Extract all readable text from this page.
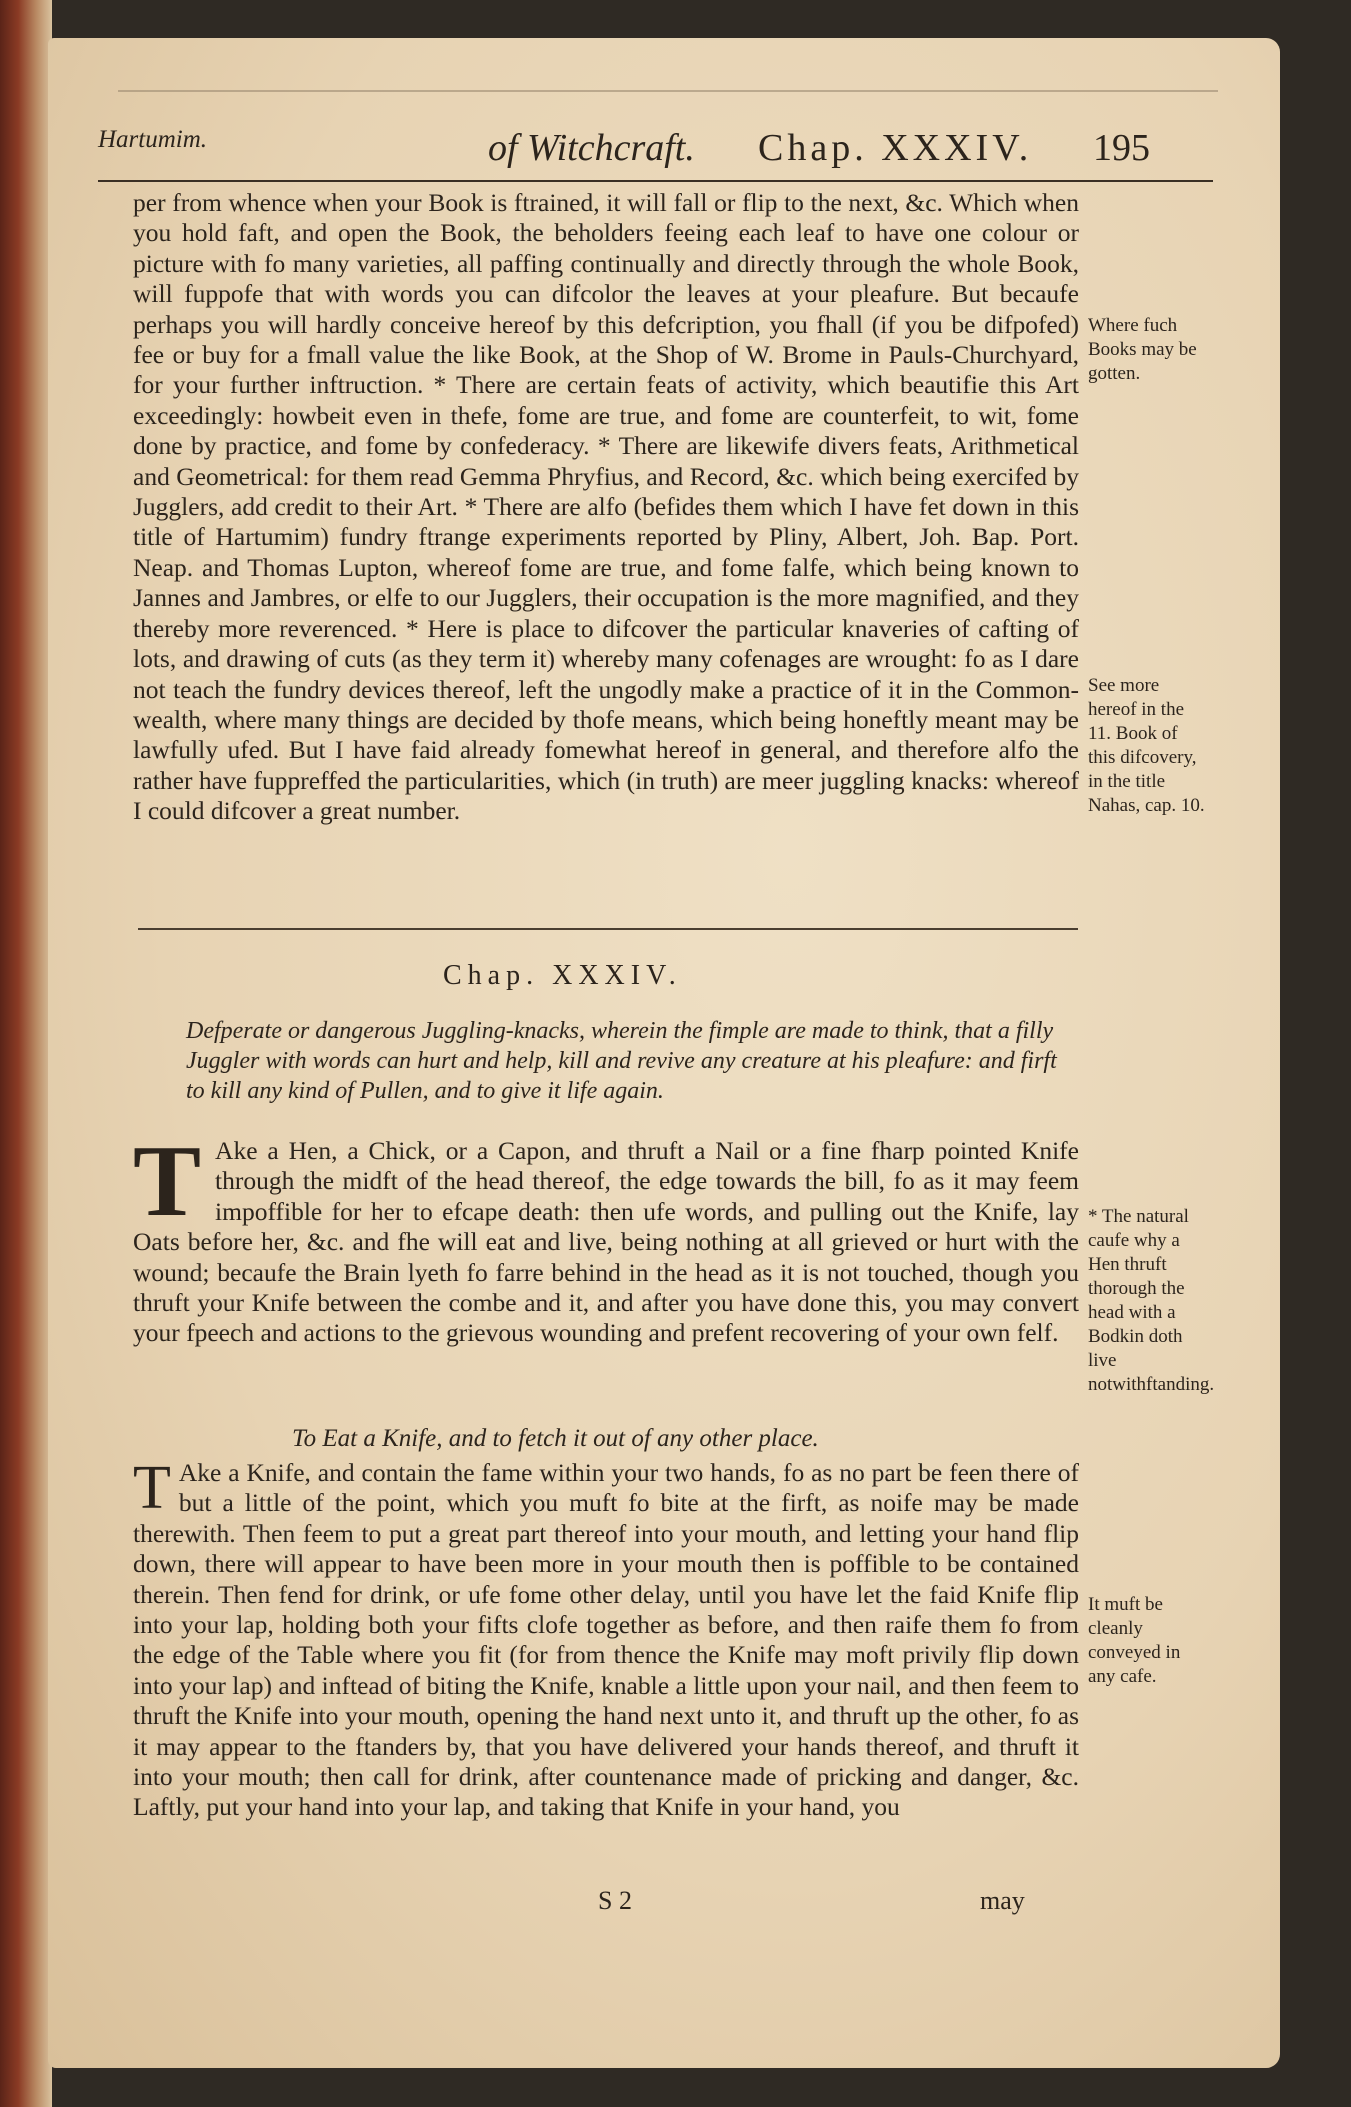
Hartumim.	of Witchcraft. Chap. XXXIV. 195
per from whence when your Book is ftrained, it will fall or flip to the next, &c. Which when you hold faft, and open the Book, the beholders feeing each leaf to have one colour or picture with fo many varieties, all paffing continually and directly through the whole Book, will fuppofe that with words you can difcolor the leaves at your pleafure. But becaufe perhaps you will hardly conceive hereof by this defcription, you fhall (if you be difpofed) fee or buy for a fmall value the like Book, at the Shop of W. Brome in Pauls-Churchyard, for your further inftruction. * There are certain feats of activity, which beautifie this Art exceedingly: howbeit even in thefe, fome are true, and fome are counterfeit, to wit, fome done by practice, and fome by confederacy. * There are likewife divers feats, Arithmetical and Geometrical: for them read Gemma Phryfius, and Record, &c. which being exercifed by Jugglers, add credit to their Art. * There are alfo (befides them which I have fet down in this title of Hartumim) fundry ftrange experiments reported by Pliny, Albert, Joh. Bap. Port. Neap. and Thomas Lupton, whereof fome are true, and fome falfe, which being known to Jannes and Jambres, or elfe to our Jugglers, their occupation is the more magnified, and they thereby more reverenced. * Here is place to difcover the particular knaveries of cafting of lots, and drawing of cuts (as they term it) whereby many cofenages are wrought: fo as I dare not teach the fundry devices thereof, left the ungodly make a practice of it in the Common-wealth, where many things are decided by thofe means, which being honeftly meant may be lawfully ufed. But I have faid already fomewhat hereof in general, and therefore alfo the rather have fuppreffed the particularities, which (in truth) are meer juggling knacks: whereof I could difcover a great number.
Chap. XXXIV.
Defperate or dangerous Juggling-knacks, wherein the fimple are made to think, that a filly Juggler with words can hurt and help, kill and revive any creature at his pleafure: and firft to kill any kind of Pullen, and to give it life again.
T Ake a Hen, a Chick, or a Capon, and thruft a Nail or a fine fharp pointed Knife through the midft of the head thereof, the edge towards the bill, fo as it may feem impoffible for her to efcape death: then ufe words, and pulling out the Knife, lay Oats before her, &c. and fhe will eat and live, being nothing at all grieved or hurt with the wound; becaufe the Brain lyeth fo farre behind in the head as it is not touched, though you thruft your Knife between the combe and it, and after you have done this, you may convert your fpeech and actions to the grievous wounding and prefent recovering of your own felf.
To Eat a Knife, and to fetch it out of any other place.
T Ake a Knife, and contain the fame within your two hands, fo as no part be feen there of but a little of the point, which you muft fo bite at the firft, as noife may be made therewith. Then feem to put a great part thereof into your mouth, and letting your hand flip down, there will appear to have been more in your mouth then is poffible to be contained therein. Then fend for drink, or ufe fome other delay, until you have let the faid Knife flip into your lap, holding both your fifts clofe together as before, and then raife them fo from the edge of the Table where you fit (for from thence the Knife may moft privily flip down into your lap) and inftead of biting the Knife, knable a little upon your nail, and then feem to thruft the Knife into your mouth, opening the hand next unto it, and thruft up the other, fo as it may appear to the ftanders by, that you have delivered your hands thereof, and thruft it into your mouth; then call for drink, after countenance made of pricking and danger, &c. Laftly, put your hand into your lap, and taking that Knife in your hand, you
S 2	may
Where fuch Books may be gotten.
See more hereof in the 11. Book of this difcovery, in the title Nahas, cap. 10.
* The natural caufe why a Hen thruft thorough the head with a Bodkin doth live notwithftanding.
It muft be cleanly conveyed in any cafe.
